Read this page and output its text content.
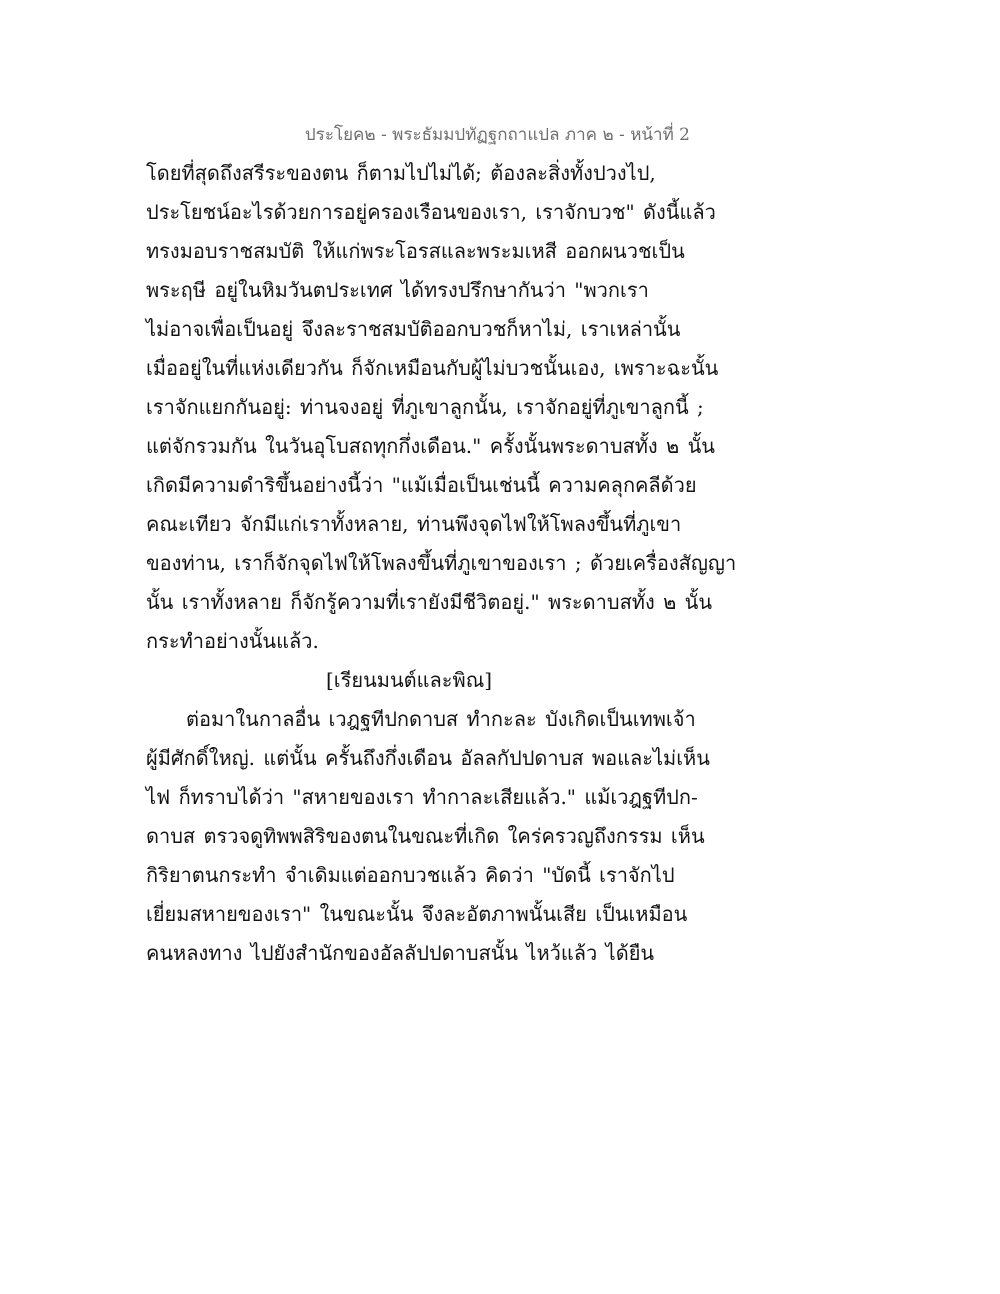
ประโยค๒ - พระธัมมปทัฏฐกถาแปล ภาค ๒ - หน้าที่ 2
โดยที่สุดถึงสรีระของตน ก็ตามไปไม่ได้; ต้องละสิ่งทั้งปวงไป,
ประโยชน์อะไรด้วยการอยู่ครองเรือนของเรา, เราจักบวช" ดังนี้แล้ว
ทรงมอบราชสมบัติ ให้แก่พระโอรสและพระมเหสี ออกผนวชเป็น
พระฤษี อยู่ในหิมวันตประเทศ ได้ทรงปรึกษากันว่า "พวกเรา
ไม่อาจเพื่อเป็นอยู่ จึงละราชสมบัติออกบวชก็หาไม่, เราเหล่านั้น
เมื่ออยู่ในที่แห่งเดียวกัน ก็จักเหมือนกับผู้ไม่บวชนั้นเอง, เพราะฉะนั้น
เราจักแยกกันอยู่: ท่านจงอยู่ ที่ภูเขาลูกนั้น, เราจักอยู่ที่ภูเขาลูกนี้ ;
แต่จักรวมกัน ในวันอุโบสถทุกกึ่งเดือน." ครั้งนั้นพระดาบสทั้ง ๒ นั้น
เกิดมีความดำริขึ้นอย่างนี้ว่า "แม้เมื่อเป็นเช่นนี้ ความคลุกคลีด้วย
คณะเทียว จักมีแก่เราทั้งหลาย, ท่านพึงจุดไฟให้โพลงขึ้นที่ภูเขา
ของท่าน, เราก็จักจุดไฟให้โพลงขึ้นที่ภูเขาของเรา ; ด้วยเครื่องสัญญา
นั้น เราทั้งหลาย ก็จักรู้ความที่เรายังมีชีวิตอยู่." พระดาบสทั้ง ๒ นั้น
กระทำอย่างนั้นแล้ว.
[เรียนมนต์และพิณ]
ต่อมาในกาลอื่น เวฎฐทีปกดาบส ทำกะละ บังเกิดเป็นเทพเจ้า
ผู้มีศักดิ์ใหญ่. แต่นั้น ครั้นถึงกึ่งเดือน อัลลกัปปดาบส พอและไม่เห็น
ไฟ ก็ทราบได้ว่า "สหายของเรา ทำกาละเสียแล้ว." แม้เวฎฐทีปก-
ดาบส ตรวจดูทิพพสิริของตนในขณะที่เกิด ใคร่ครวญถึงกรรม เห็น
กิริยาตนกระทำ จำเดิมแต่ออกบวชแล้ว คิดว่า "บัดนี้ เราจักไป
เยี่ยมสหายของเรา" ในขณะนั้น จึงละอัตภาพนั้นเสีย เป็นเหมือน
คนหลงทาง ไปยังสำนักของอัลลัปปดาบสนั้น ไหว้แล้ว ได้ยืน
